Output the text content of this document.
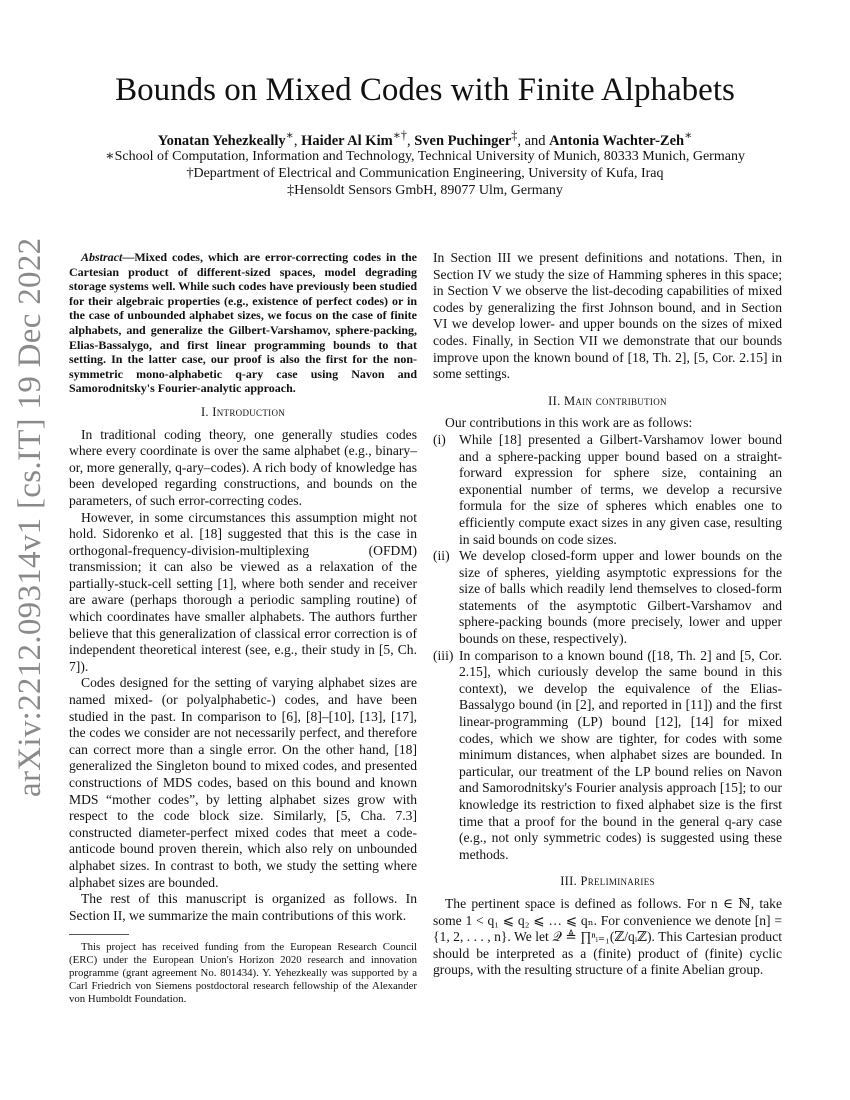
arXiv:2212.09314v1 [cs.IT] 19 Dec 2022
Bounds on Mixed Codes with Finite Alphabets
Yonatan Yehezkeally∗, Haider Al Kim∗†, Sven Puchinger‡, and Antonia Wachter-Zeh∗
∗School of Computation, Information and Technology, Technical University of Munich, 80333 Munich, Germany
†Department of Electrical and Communication Engineering, University of Kufa, Iraq
‡Hensoldt Sensors GmbH, 89077 Ulm, Germany

Abstract—Mixed codes, which are error-correcting codes in the Cartesian product of different-sized spaces, model degrading storage systems well. While such codes have previously been studied for their algebraic properties (e.g., existence of perfect codes) or in the case of unbounded alphabet sizes, we focus on the case of finite alphabets, and generalize the Gilbert-Varshamov, sphere-packing, Elias-Bassalygo, and first linear programming bounds to that setting. In the latter case, our proof is also the first for the non-symmetric mono-alphabetic q-ary case using Navon and Samorodnitsky's Fourier-analytic approach.

I. Introduction

In traditional coding theory, one generally studies codes where every coordinate is over the same alphabet (e.g., binary–or, more generally, q-ary–codes). A rich body of knowledge has been developed regarding constructions, and bounds on the parameters, of such error-correcting codes.

However, in some circumstances this assumption might not hold. Sidorenko et al. [18] suggested that this is the case in orthogonal-frequency-division-multiplexing (OFDM) transmission; it can also be viewed as a relaxation of the partially-stuck-cell setting [1], where both sender and receiver are aware (perhaps thorough a periodic sampling routine) of which coordinates have smaller alphabets. The authors further believe that this generalization of classical error correction is of independent theoretical interest (see, e.g., their study in [5, Ch. 7]).

Codes designed for the setting of varying alphabet sizes are named mixed- (or polyalphabetic-) codes, and have been studied in the past. In comparison to [6], [8]–[10], [13], [17], the codes we consider are not necessarily perfect, and therefore can correct more than a single error. On the other hand, [18] generalized the Singleton bound to mixed codes, and presented constructions of MDS codes, based on this bound and known MDS “mother codes”, by letting alphabet sizes grow with respect to the code block size. Similarly, [5, Cha. 7.3] constructed diameter-perfect mixed codes that meet a code-anticode bound proven therein, which also rely on unbounded alphabet sizes. In contrast to both, we study the setting where alphabet sizes are bounded.

The rest of this manuscript is organized as follows. In Section II, we summarize the main contributions of this work.

This project has received funding from the European Research Council (ERC) under the European Union's Horizon 2020 research and innovation programme (grant agreement No. 801434). Y. Yehezkeally was supported by a Carl Friedrich von Siemens postdoctoral research fellowship of the Alexander von Humboldt Foundation.

In Section III we present definitions and notations. Then, in Section IV we study the size of Hamming spheres in this space; in Section V we observe the list-decoding capabilities of mixed codes by generalizing the first Johnson bound, and in Section VI we develop lower- and upper bounds on the sizes of mixed codes. Finally, in Section VII we demonstrate that our bounds improve upon the known bound of [18, Th. 2], [5, Cor. 2.15] in some settings.

II. Main contribution

Our contributions in this work are as follows:

(i) While [18] presented a Gilbert-Varshamov lower bound and a sphere-packing upper bound based on a straight-forward expression for sphere size, containing an exponential number of terms, we develop a recursive formula for the size of spheres which enables one to efficiently compute exact sizes in any given case, resulting in said bounds on code sizes.
(ii) We develop closed-form upper and lower bounds on the size of spheres, yielding asymptotic expressions for the size of balls which readily lend themselves to closed-form statements of the asymptotic Gilbert-Varshamov and sphere-packing bounds (more precisely, lower and upper bounds on these, respectively).
(iii) In comparison to a known bound ([18, Th. 2] and [5, Cor. 2.15], which curiously develop the same bound in this context), we develop the equivalence of the Elias-Bassalygo bound (in [2], and reported in [11]) and the first linear-programming (LP) bound [12], [14] for mixed codes, which we show are tighter, for codes with some minimum distances, when alphabet sizes are bounded. In particular, our treatment of the LP bound relies on Navon and Samorodnitsky's Fourier analysis approach [15]; to our knowledge its restriction to fixed alphabet size is the first time that a proof for the bound in the general q-ary case (e.g., not only symmetric codes) is suggested using these methods.
III. Preliminaries

The pertinent space is defined as follows. For n ∈ ℕ, take some 1 < q₁ ⩽ q₂ ⩽ … ⩽ qₙ. For convenience we denote [n] = {1, 2, . . . , n}. We let 𝒬 ≜ ∏ⁿᵢ₌₁(ℤ/qᵢℤ). This Cartesian product should be interpreted as a (finite) product of (finite) cyclic groups, with the resulting structure of a finite Abelian group.
